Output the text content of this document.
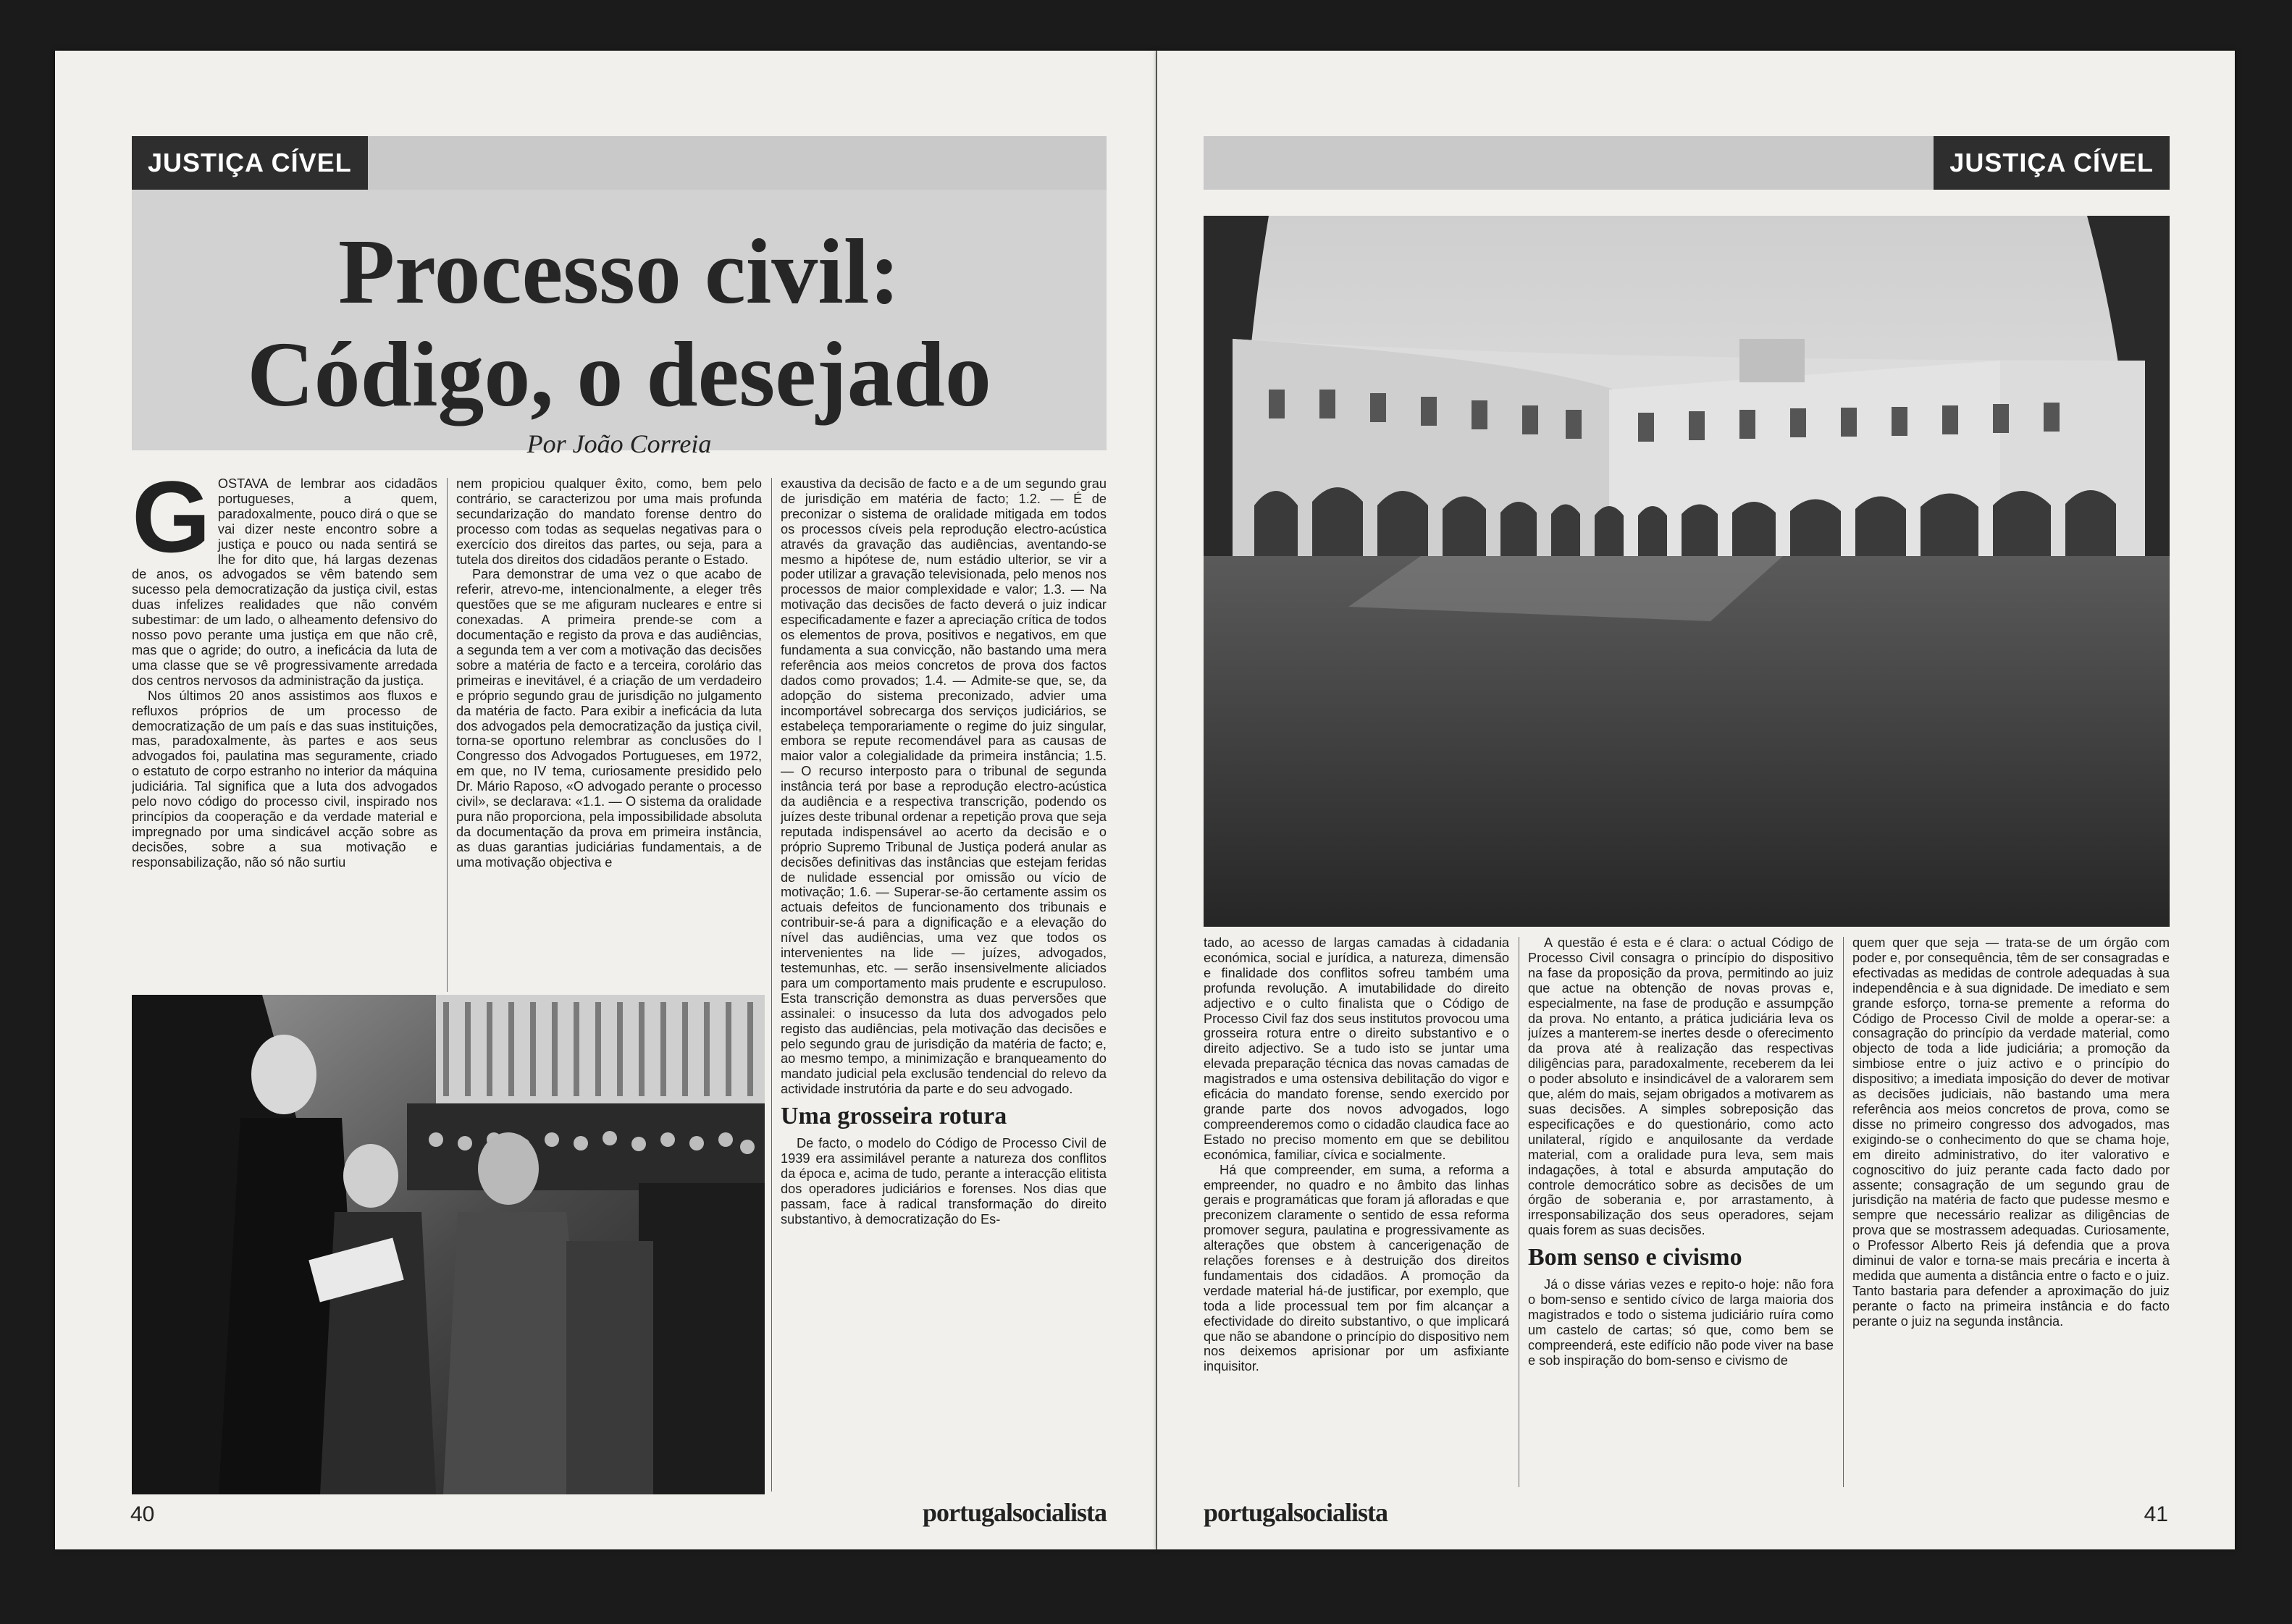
JUSTIÇA CÍVEL
Processo civil:
Código, o desejado
Por João Correia
G OSTAVA de lembrar aos cidadãos portugueses, a quem, paradoxalmente, pouco dirá o que se vai dizer neste encontro sobre a justiça e pouco ou nada sentirá se lhe for dito que, há largas dezenas de anos, os advogados se vêm batendo sem sucesso pela democratização da justiça civil, estas duas infelizes realidades que não convém subestimar: de um lado, o alheamento defensivo do nosso povo perante uma justiça em que não crê, mas que o agride; do outro, a ineficácia da luta de uma classe que se vê progressivamente arredada dos centros nervosos da administração da justiça.

Nos últimos 20 anos assistimos aos fluxos e refluxos próprios de um processo de democratização de um país e das suas instituições, mas, paradoxalmente, às partes e aos seus advogados foi, paulatina mas seguramente, criado o estatuto de corpo estranho no interior da máquina judiciária. Tal significa que a luta dos advogados pelo novo código do processo civil, inspirado nos princípios da cooperação e da verdade material e impregnado por uma sindicável acção sobre as decisões, sobre a sua motivação e responsabilização, não só não surtiu

nem propiciou qualquer êxito, como, bem pelo contrário, se caracterizou por uma mais profunda secundarização do mandato forense dentro do processo com todas as sequelas negativas para o exercício dos direitos das partes, ou seja, para a tutela dos direitos dos cidadãos perante o Estado.

Para demonstrar de uma vez o que acabo de referir, atrevo-me, intencionalmente, a eleger três questões que se me afiguram nucleares e entre si conexadas. A primeira prende-se com a documentação e registo da prova e das audiências, a segunda tem a ver com a motivação das decisões sobre a matéria de facto e a terceira, corolário das primeiras e inevitável, é a criação de um verdadeiro e próprio segundo grau de jurisdição no julgamento da matéria de facto. Para exibir a ineficácia da luta dos advogados pela democratização da justiça civil, torna-se oportuno relembrar as conclusões do I Congresso dos Advogados Portugueses, em 1972, em que, no IV tema, curiosamente presidido pelo Dr. Mário Raposo, «O advogado perante o processo civil», se declarava: «1.1. — O sistema da oralidade pura não proporciona, pela impossibilidade absoluta da documentação da prova em primeira instância, as duas garantias judiciárias fundamentais, a de uma motivação objectiva e

exaustiva da decisão de facto e a de um segundo grau de jurisdição em matéria de facto; 1.2. — É de preconizar o sistema de oralidade mitigada em todos os processos cíveis pela reprodução electro-acústica através da gravação das audiências, aventando-se mesmo a hipótese de, num estádio ulterior, se vir a poder utilizar a gravação televisionada, pelo menos nos processos de maior complexidade e valor; 1.3. — Na motivação das decisões de facto deverá o juiz indicar especificadamente e fazer a apreciação crítica de todos os elementos de prova, positivos e negativos, em que fundamenta a sua convicção, não bastando uma mera referência aos meios concretos de prova dos factos dados como provados; 1.4. — Admite-se que, se, da adopção do sistema preconizado, advier uma incomportável sobrecarga dos serviços judiciários, se estabeleça temporariamente o regime do juiz singular, embora se repute recomendável para as causas de maior valor a colegialidade da primeira instância; 1.5. — O recurso interposto para o tribunal de segunda instância terá por base a reprodução electro-acústica da audiência e a respectiva transcrição, podendo os juízes deste tribunal ordenar a repetição prova que seja reputada indispensável ao acerto da decisão e o próprio Supremo Tribunal de Justiça poderá anular as decisões definitivas das instâncias que estejam feridas de nulidade essencial por omissão ou vício de motivação; 1.6. — Superar-se-ão certamente assim os actuais defeitos de funcionamento dos tribunais e contribuir-se-á para a dignificação e a elevação do nível das audiências, uma vez que todos os intervenientes na lide — juízes, advogados, testemunhas, etc. — serão insensivelmente aliciados para um comportamento mais prudente e escrupuloso. Esta transcrição demonstra as duas perversões que assinalei: o insucesso da luta dos advogados pelo registo das audiências, pela motivação das decisões e pelo segundo grau de jurisdição da matéria de facto; e, ao mesmo tempo, a minimização e branqueamento do mandato judicial pela exclusão tendencial do relevo da actividade instrutória da parte e do seu advogado.

Uma grosseira rotura

De facto, o modelo do Código de Processo Civil de 1939 era assimilável perante a natureza dos conflitos da época e, acima de tudo, perante a interacção elitista dos operadores judiciários e forenses. Nos dias que passam, face à radical transformação do direito substantivo, à democratização do Es-

40	portugalsocialista
JUSTIÇA CÍVEL

tado, ao acesso de largas camadas à cidadania económica, social e jurídica, a natureza, dimensão e finalidade dos conflitos sofreu também uma profunda revolução. A imutabilidade do direito adjectivo e o culto finalista que o Código de Processo Civil faz dos seus institutos provocou uma grosseira rotura entre o direito substantivo e o direito adjectivo. Se a tudo isto se juntar uma elevada preparação técnica das novas camadas de magistrados e uma ostensiva debilitação do vigor e eficácia do mandato forense, sendo exercido por grande parte dos novos advogados, logo compreenderemos como o cidadão claudica face ao Estado no preciso momento em que se debilitou económica, familiar, cívica e socialmente.

Há que compreender, em suma, a reforma a empreender, no quadro e no âmbito das linhas gerais e programáticas que foram já afloradas e que preconizem claramente o sentido de essa reforma promover segura, paulatina e progressivamente as alterações que obstem à cancerigenação de relações forenses e à destruição dos direitos fundamentais dos cidadãos. A promoção da verdade material há-de justificar, por exemplo, que toda a lide processual tem por fim alcançar a efectividade do direito substantivo, o que implicará que não se abandone o princípio do dispositivo nem nos deixemos aprisionar por um asfixiante inquisitor.

A questão é esta e é clara: o actual Código de Processo Civil consagra o princípio do dispositivo na fase da proposição da prova, permitindo ao juiz que actue na obtenção de novas provas e, especialmente, na fase de produção e assumpção da prova. No entanto, a prática judiciária leva os juízes a manterem-se inertes desde o oferecimento da prova até à realização das respectivas diligências para, paradoxalmente, receberem da lei o poder absoluto e insindicável de a valorarem sem que, além do mais, sejam obrigados a motivarem as suas decisões. A simples sobreposição das especificações e do questionário, como acto unilateral, rígido e anquilosante da verdade material, com a oralidade pura leva, sem mais indagações, à total e absurda amputação do controle democrático sobre as decisões de um órgão de soberania e, por arrastamento, à irresponsabilização dos seus operadores, sejam quais forem as suas decisões.

Bom senso e civismo

Já o disse várias vezes e repito-o hoje: não fora o bom-senso e sentido cívico de larga maioria dos magistrados e todo o sistema judiciário ruíra como um castelo de cartas; só que, como bem se compreenderá, este edifício não pode viver na base e sob inspiração do bom-senso e civismo de

quem quer que seja — trata-se de um órgão com poder e, por consequência, têm de ser consagradas e efectivadas as medidas de controle adequadas à sua independência e à sua dignidade. De imediato e sem grande esforço, torna-se premente a reforma do Código de Processo Civil de molde a operar-se: a consagração do princípio da verdade material, como objecto de toda a lide judiciária; a promoção da simbiose entre o juiz activo e o princípio do dispositivo; a imediata imposição do dever de motivar as decisões judiciais, não bastando uma mera referência aos meios concretos de prova, como se disse no primeiro congresso dos advogados, mas exigindo-se o conhecimento do que se chama hoje, em direito administrativo, do iter valorativo e cognoscitivo do juiz perante cada facto dado por assente; consagração de um segundo grau de jurisdição na matéria de facto que pudesse mesmo e sempre que necessário realizar as diligências de prova que se mostrassem adequadas. Curiosamente, o Professor Alberto Reis já defendia que a prova diminui de valor e torna-se mais precária e incerta à medida que aumenta a distância entre o facto e o juiz. Tanto bastaria para defender a aproximação do juiz perante o facto na primeira instância e do facto perante o juiz na segunda instância.

portugalsocialista	41
